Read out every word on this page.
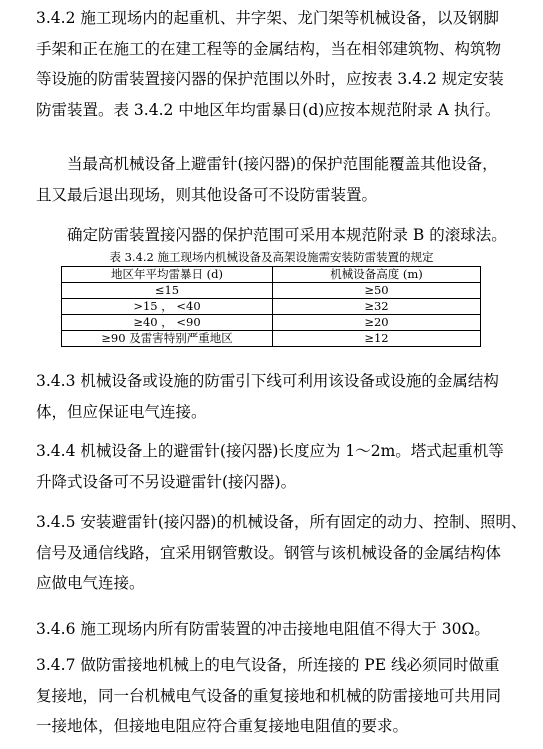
3.4.2 施工现场内的起重机、井字架、龙门架等机械设备，以及钢脚
手架和正在施工的在建工程等的金属结构，当在相邻建筑物、构筑物
等设施的防雷装置接闪器的保护范围以外时，应按表 3.4.2 规定安装
防雷装置。表 3.4.2 中地区年均雷暴日(d)应按本规范附录 A 执行。

当最高机械设备上避雷针(接闪器)的保护范围能覆盖其他设备，
且又最后退出现场，则其他设备可不设防雷装置。

确定防雷装置接闪器的保护范围可采用本规范附录 B 的滚球法。

表 3.4.2 施工现场内机械设备及高架设施需安装防雷装置的规定
地区年平均雷暴日 (d)	机械设备高度 (m)
≤15	≥50
>15 ， <40	≥32
≥40 ， <90	≥20
≥90 及雷害特别严重地区	≥12

3.4.3 机械设备或设施的防雷引下线可利用该设备或设施的金属结构
体，但应保证电气连接。

3.4.4 机械设备上的避雷针(接闪器)长度应为 1～2m。塔式起重机等
升降式设备可不另设避雷针(接闪器)。

3.4.5 安装避雷针(接闪器)的机械设备，所有固定的动力、控制、照明、
信号及通信线路，宜采用钢管敷设。钢管与该机械设备的金属结构体
应做电气连接。

3.4.6 施工现场内所有防雷装置的冲击接地电阻值不得大于 30Ω。

3.4.7 做防雷接地机械上的电气设备，所连接的 PE 线必须同时做重
复接地，同一台机械电气设备的重复接地和机械的防雷接地可共用同
一接地体，但接地电阻应符合重复接地电阻值的要求。
